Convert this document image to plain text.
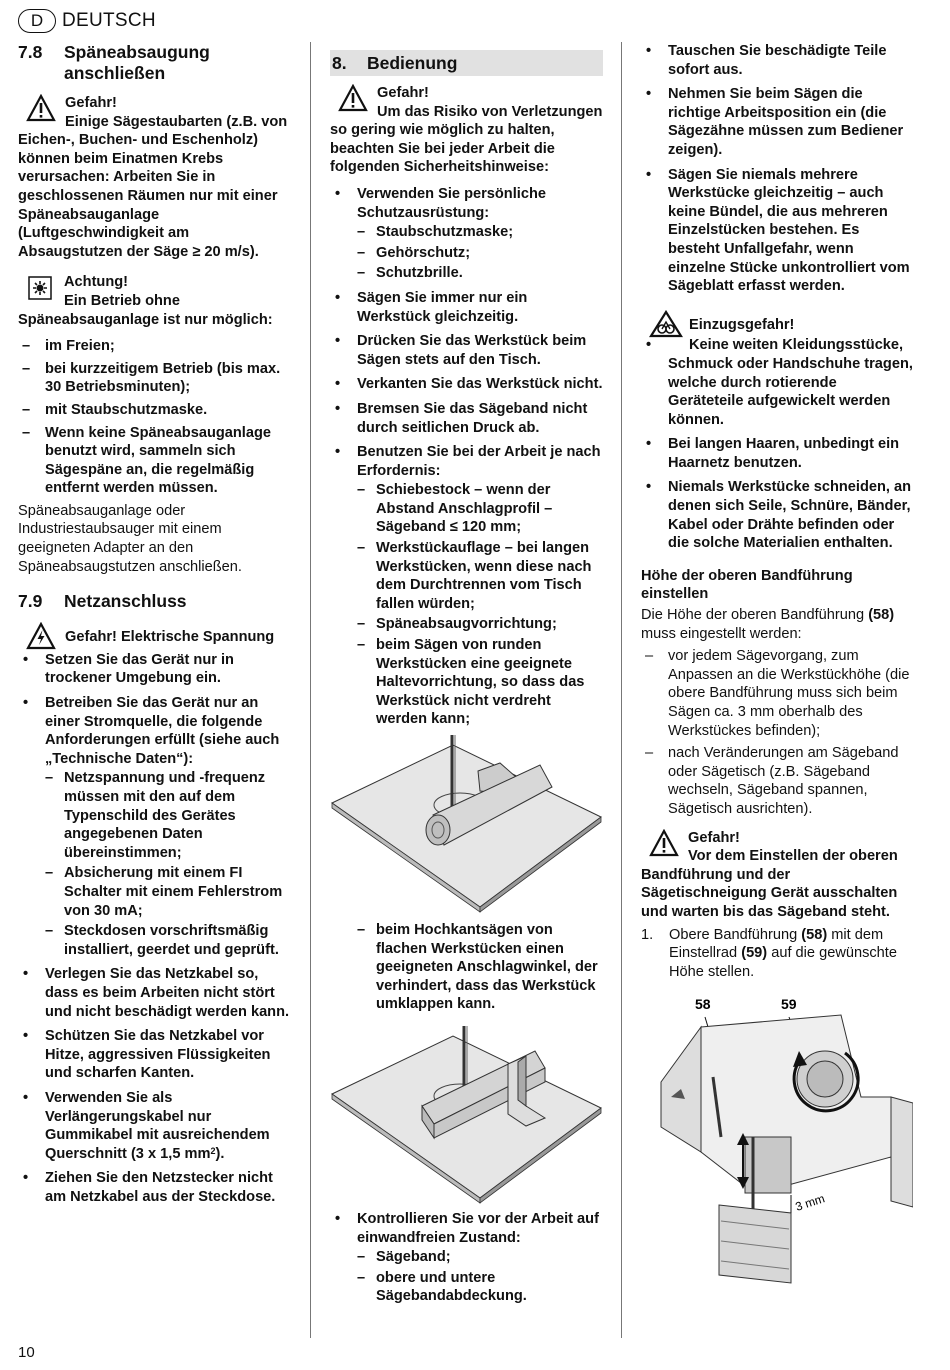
D DEUTSCH
7.8	Späneabsaugung anschließen
Gefahr!
Einige Sägestaubarten (z.B. von Eichen-, Buchen- und Eschenholz) können beim Einatmen Krebs verursachen: Arbeiten Sie in geschlossenen Räumen nur mit einer Späneabsauganlage (Luftgeschwindigkeit am Absaugstutzen der Säge ≥ 20 m/s).
Achtung!
Ein Betrieb ohne Späneabsauganlage ist nur möglich:
– im Freien;
– bei kurzzeitigem Betrieb (bis max. 30 Betriebsminuten);
– mit Staubschutzmaske.
– Wenn keine Späneabsauganlage benutzt wird, sammeln sich Sägespäne an, die regelmäßig entfernt werden müssen.

Späneabsauganlage oder Industriestaubsauger mit einem geeigneten Adapter an den Späneabsaugstutzen anschließen.

7.9	Netzanschluss
Gefahr! Elektrische Spannung
• Setzen Sie das Gerät nur in trockener Umgebung ein.
• Betreiben Sie das Gerät nur an einer Stromquelle, die folgende Anforderungen erfüllt (siehe auch „Technische Daten“):
– Netzspannung und -frequenz müssen mit den auf dem Typenschild des Gerätes angegebenen Daten übereinstimmen;
– Absicherung mit einem FI Schalter mit einem Fehlerstrom von 30 mA;
– Steckdosen vorschriftsmäßig installiert, geerdet und geprüft.
• Verlegen Sie das Netzkabel so, dass es beim Arbeiten nicht stört und nicht beschädigt werden kann.
• Schützen Sie das Netzkabel vor Hitze, aggressiven Flüssigkeiten und scharfen Kanten.
• Verwenden Sie als Verlängerungskabel nur Gummikabel mit ausreichendem Querschnitt (3 x 1,5 $mm^2$).
• Ziehen Sie den Netzstecker nicht am Netzkabel aus der Steckdose.
8.	Bedienung
Gefahr!
Um das Risiko von Verletzungen so gering wie möglich zu halten, beachten Sie bei jeder Arbeit die folgenden Sicherheitshinweise:
• Verwenden Sie persönliche Schutzausrüstung:
– Staubschutzmaske;
– Gehörschutz;
– Schutzbrille.
• Sägen Sie immer nur ein Werkstück gleichzeitig.
• Drücken Sie das Werkstück beim Sägen stets auf den Tisch.
• Verkanten Sie das Werkstück nicht.
• Bremsen Sie das Sägeband nicht durch seitlichen Druck ab.
• Benutzen Sie bei der Arbeit je nach Erfordernis:
– Schiebestock – wenn der Abstand Anschlagprofil – Sägeband ≤ 120 mm;
– Werkstückauflage – bei langen Werkstücken, wenn diese nach dem Durchtrennen vom Tisch fallen würden;
– Späneabsaugvorrichtung;
– beim Sägen von runden Werkstücken eine geeignete Haltevorrichtung, so dass das Werkstück nicht verdreht werden kann;
– beim Hochkantsägen von flachen Werkstücken einen geeigneten Anschlagwinkel, der verhindert, dass das Werkstück umklappen kann.
• Kontrollieren Sie vor der Arbeit auf einwandfreien Zustand:
– Sägeband;
– obere und untere Sägebandabdeckung.
• Tauschen Sie beschädigte Teile sofort aus.
• Nehmen Sie beim Sägen die richtige Arbeitsposition ein (die Sägezähne müssen zum Bediener zeigen).
• Sägen Sie niemals mehrere Werkstücke gleichzeitig – auch keine Bündel, die aus mehreren Einzelstücken bestehen. Es besteht Unfallgefahr, wenn einzelne Stücke unkontrolliert vom Sägeblatt erfasst werden.
Einzugsgefahr!
• Keine weiten Kleidungsstücke, Schmuck oder Handschuhe tragen, welche durch rotierende Geräteteile aufgewickelt werden können.
• Bei langen Haaren, unbedingt ein Haarnetz benutzen.
• Niemals Werkstücke schneiden, an denen sich Seile, Schnüre, Bänder, Kabel oder Drähte befinden oder die solche Materialien enthalten.

Höhe der oberen Bandführung einstellen

Die Höhe der oberen Bandführung (58) muss eingestellt werden:

– vor jedem Sägevorgang, zum Anpassen an die Werkstückhöhe (die obere Bandführung muss sich beim Sägen ca. 3 mm oberhalb des Werkstückes befinden);
– nach Veränderungen am Sägeband oder Sägetisch (z.B. Sägeband wechseln, Sägeband spannen, Sägetisch ausrichten).
Gefahr!
Vor dem Einstellen der oberen Bandführung und der Sägetischneigung Gerät ausschalten und warten bis das Sägeband steht.
1. Obere Bandführung (58) mit dem Einstellrad (59) auf die gewünschte Höhe stellen.
58	59
3 mm
10
